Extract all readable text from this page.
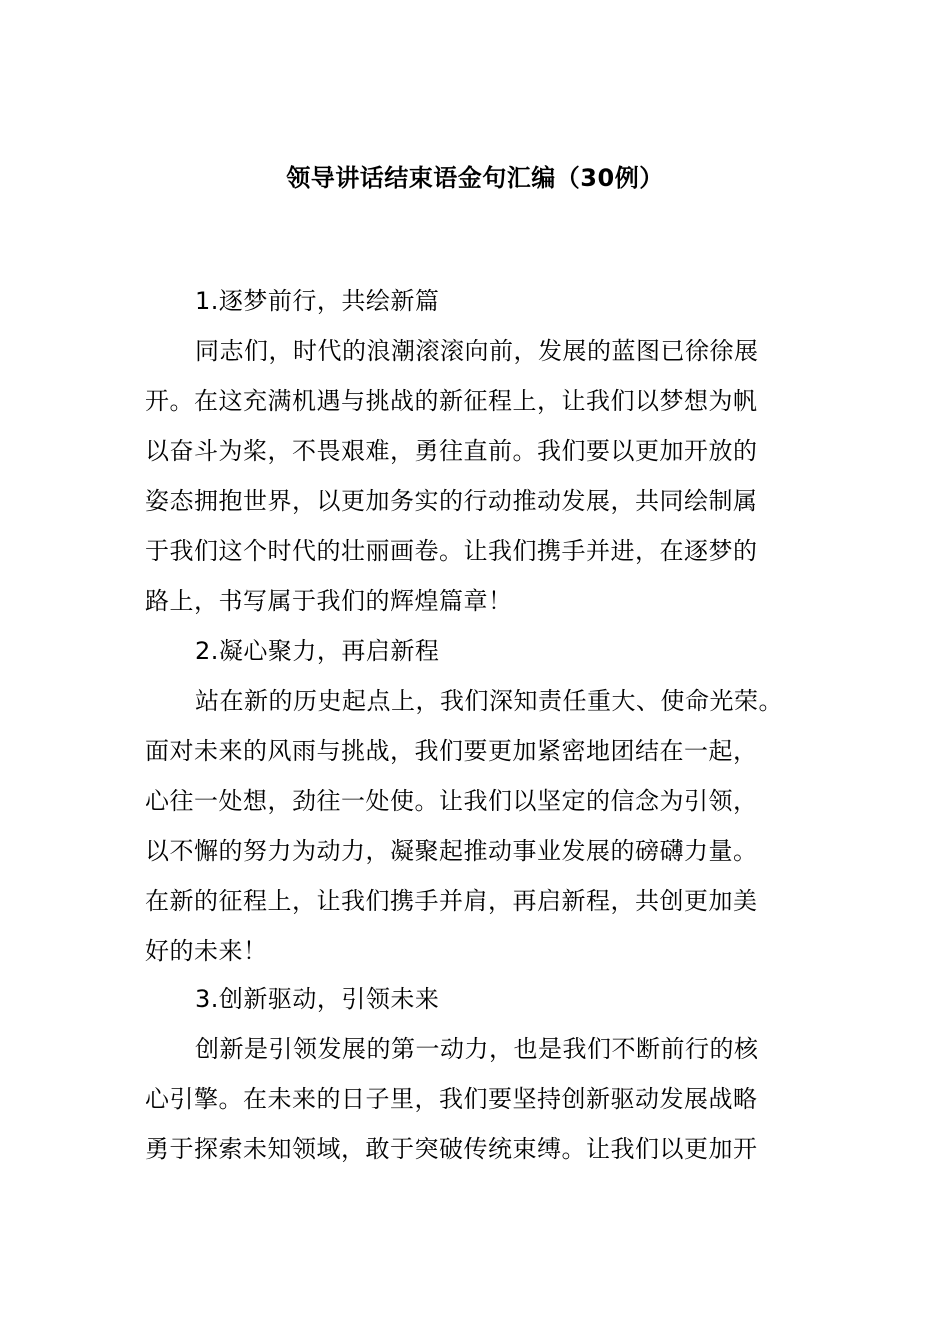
领导讲话结束语金句汇编（30例）
1.逐梦前行，共绘新篇
同志们，时代的浪潮滚滚向前，发展的蓝图已徐徐展
开。在这充满机遇与挑战的新征程上，让我们以梦想为帆
以奋斗为桨，不畏艰难，勇往直前。我们要以更加开放的
姿态拥抱世界，以更加务实的行动推动发展，共同绘制属
于我们这个时代的壮丽画卷。让我们携手并进，在逐梦的
路上，书写属于我们的辉煌篇章！
2.凝心聚力，再启新程
站在新的历史起点上，我们深知责任重大、使命光荣。
面对未来的风雨与挑战，我们要更加紧密地团结在一起，
心往一处想，劲往一处使。让我们以坚定的信念为引领，
以不懈的努力为动力，凝聚起推动事业发展的磅礴力量。
在新的征程上，让我们携手并肩，再启新程，共创更加美
好的未来！
3.创新驱动，引领未来
创新是引领发展的第一动力，也是我们不断前行的核
心引擎。在未来的日子里，我们要坚持创新驱动发展战略
勇于探索未知领域，敢于突破传统束缚。让我们以更加开
